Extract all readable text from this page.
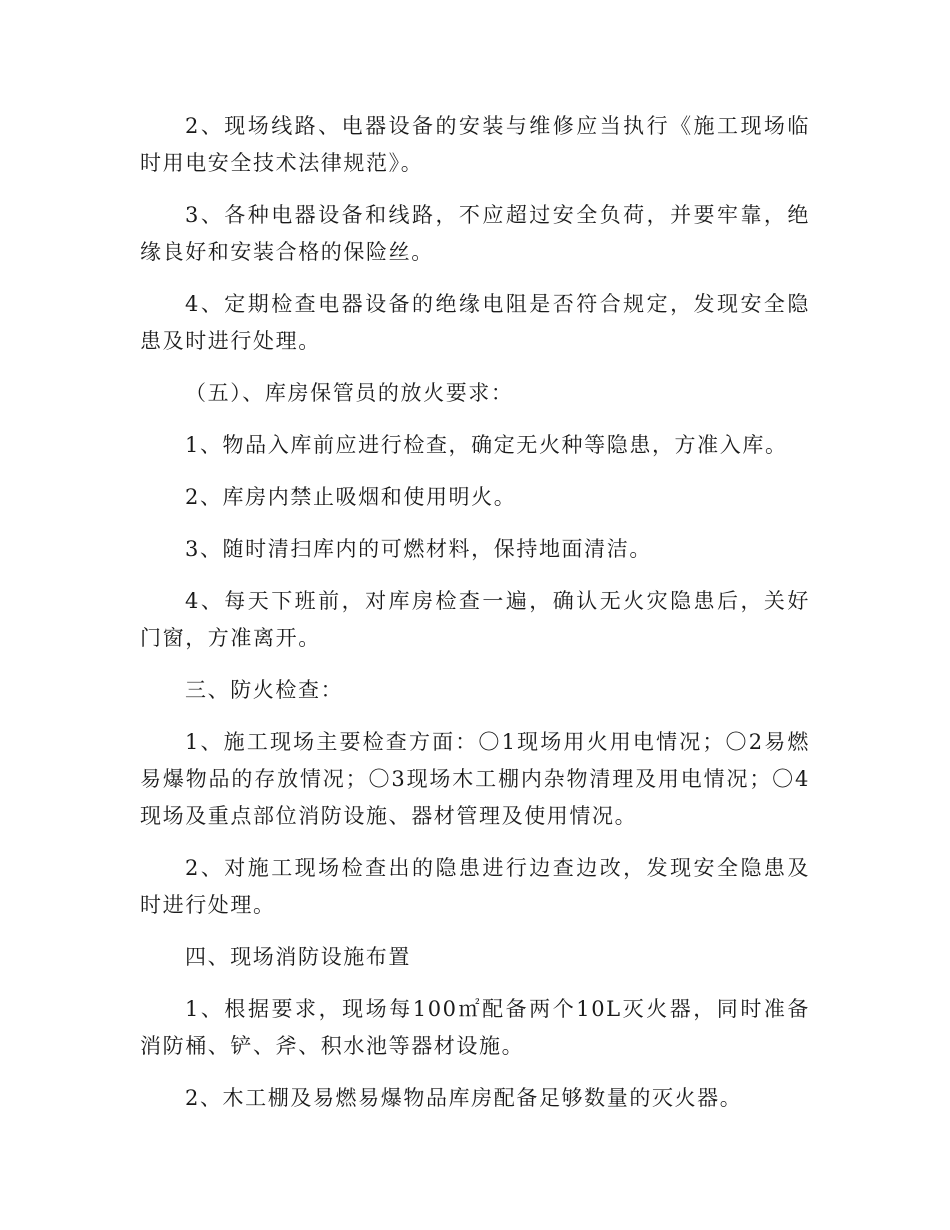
2、现场线路、电器设备的安装与维修应当执行《施工现场临时用电安全技术法律规范》。

3、各种电器设备和线路，不应超过安全负荷，并要牢靠，绝缘良好和安装合格的保险丝。

4、定期检查电器设备的绝缘电阻是否符合规定，发现安全隐患及时进行处理。

（五）、库房保管员的放火要求：

1、物品入库前应进行检查，确定无火种等隐患，方准入库。

2、库房内禁止吸烟和使用明火。

3、随时清扫库内的可燃材料，保持地面清洁。

4、每天下班前，对库房检查一遍，确认无火灾隐患后，关好门窗，方准离开。

三、防火检查：

1、施工现场主要检查方面：〇1现场用火用电情况；〇2易燃易爆物品的存放情况；〇3现场木工棚内杂物清理及用电情况；〇4现场及重点部位消防设施、器材管理及使用情况。

2、对施工现场检查出的隐患进行边查边改，发现安全隐患及时进行处理。

四、现场消防设施布置

1、根据要求，现场每100㎡配备两个10L灭火器，同时准备消防桶、铲、斧、积水池等器材设施。

2、木工棚及易燃易爆物品库房配备足够数量的灭火器。
